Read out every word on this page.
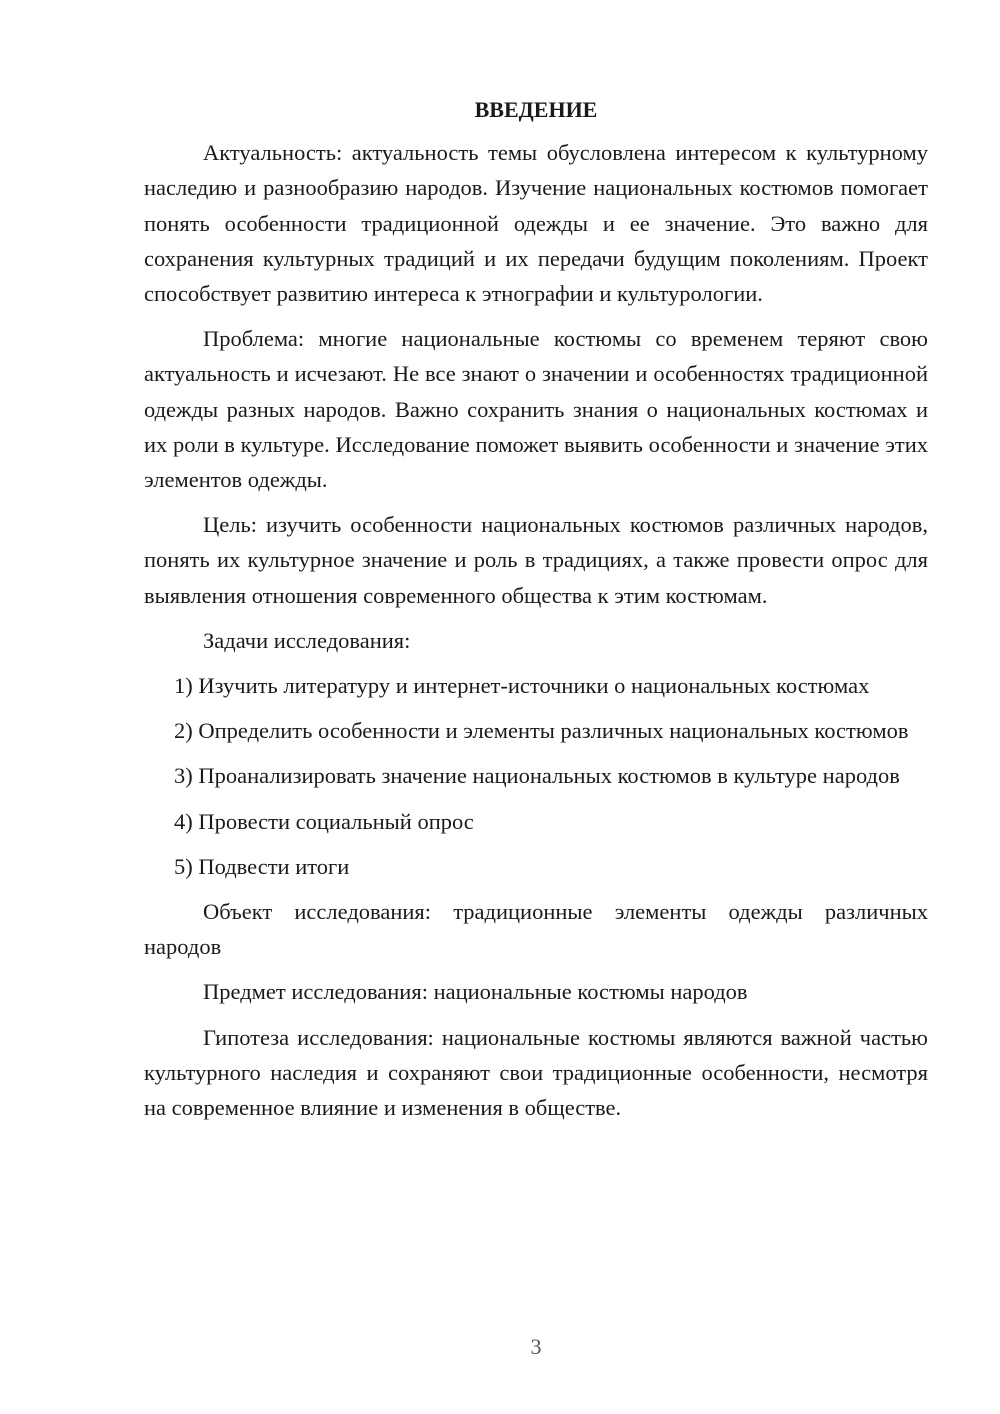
ВВЕДЕНИЕ

Актуальность: актуальность темы обусловлена интересом к культурному наследию и разнообразию народов. Изучение национальных костюмов помогает понять особенности традиционной одежды и ее значение. Это важно для сохранения культурных традиций и их передачи будущим поколениям. Проект способствует развитию интереса к этнографии и культурологии.

Проблема: многие национальные костюмы со временем теряют свою актуальность и исчезают. Не все знают о значении и особенностях традиционной одежды разных народов. Важно сохранить знания о национальных костюмах и их роли в культуре. Исследование поможет выявить особенности и значение этих элементов одежды.

Цель: изучить особенности национальных костюмов различных народов, понять их культурное значение и роль в традициях, а также провести опрос для выявления отношения современного общества к этим костюмам.

Задачи исследования:

1) Изучить литературу и интернет-источники о национальных костюмах

2) Определить особенности и элементы различных национальных костюмов

3) Проанализировать значение национальных костюмов в культуре народов

4) Провести социальный опрос

5) Подвести итоги

Объект исследования: традиционные элементы одежды различных народов

Предмет исследования: национальные костюмы народов

Гипотеза исследования: национальные костюмы являются важной частью культурного наследия и сохраняют свои традиционные особенности, несмотря на современное влияние и изменения в обществе.

3
